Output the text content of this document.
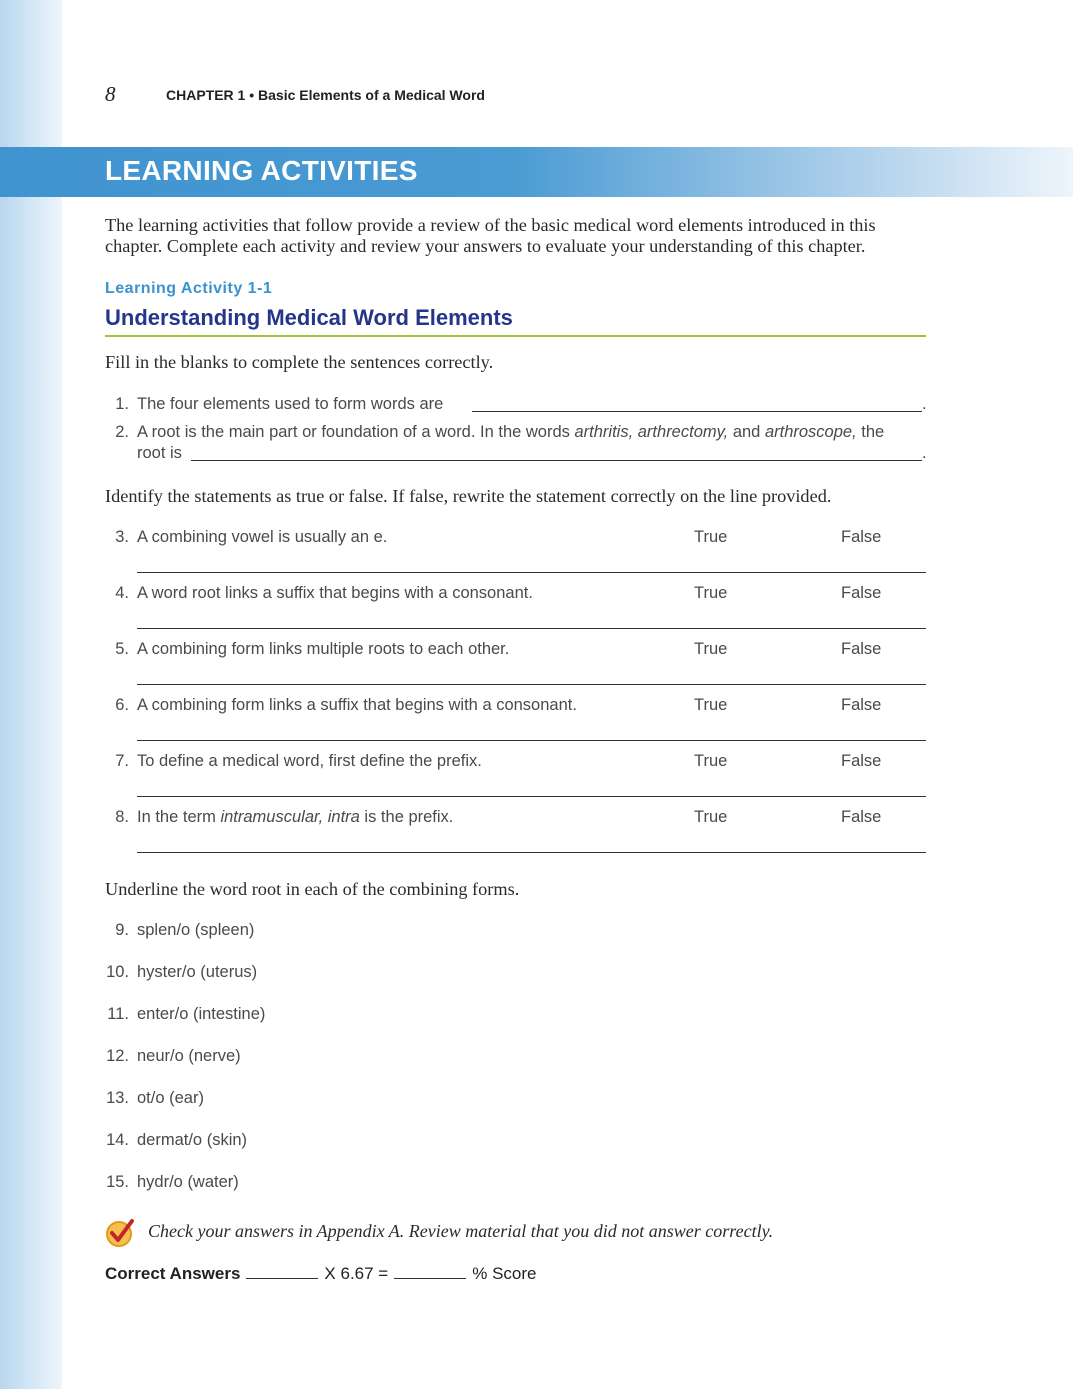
8	CHAPTER 1 • Basic Elements of a Medical Word
LEARNING ACTIVITIES
The learning activities that follow provide a review of the basic medical word elements introduced in this
chapter. Complete each activity and review your answers to evaluate your understanding of this chapter.
Learning Activity 1-1
Understanding Medical Word Elements
Fill in the blanks to complete the sentences correctly.
1. The four elements used to form words are	.
2. A root is the main part or foundation of a word. In the words arthritis, arthrectomy, and arthroscope, the
root is	.
Identify the statements as true or false. If false, rewrite the statement correctly on the line provided.
3. A combining vowel is usually an e.	True	False
4. A word root links a suffix that begins with a consonant.	True	False
5. A combining form links multiple roots to each other.	True	False
6. A combining form links a suffix that begins with a consonant.	True	False
7. To define a medical word, first define the prefix.	True	False
8. In the term intramuscular, intra is the prefix.	True	False
Underline the word root in each of the combining forms.
9. splen/o (spleen)
10. hyster/o (uterus)
11. enter/o (intestine)
12. neur/o (nerve)
13. ot/o (ear)
14. dermat/o (skin)
15. hydr/o (water)
Check your answers in Appendix A. Review material that you did not answer correctly.
Correct Answers	X 6.67 =	% Score
